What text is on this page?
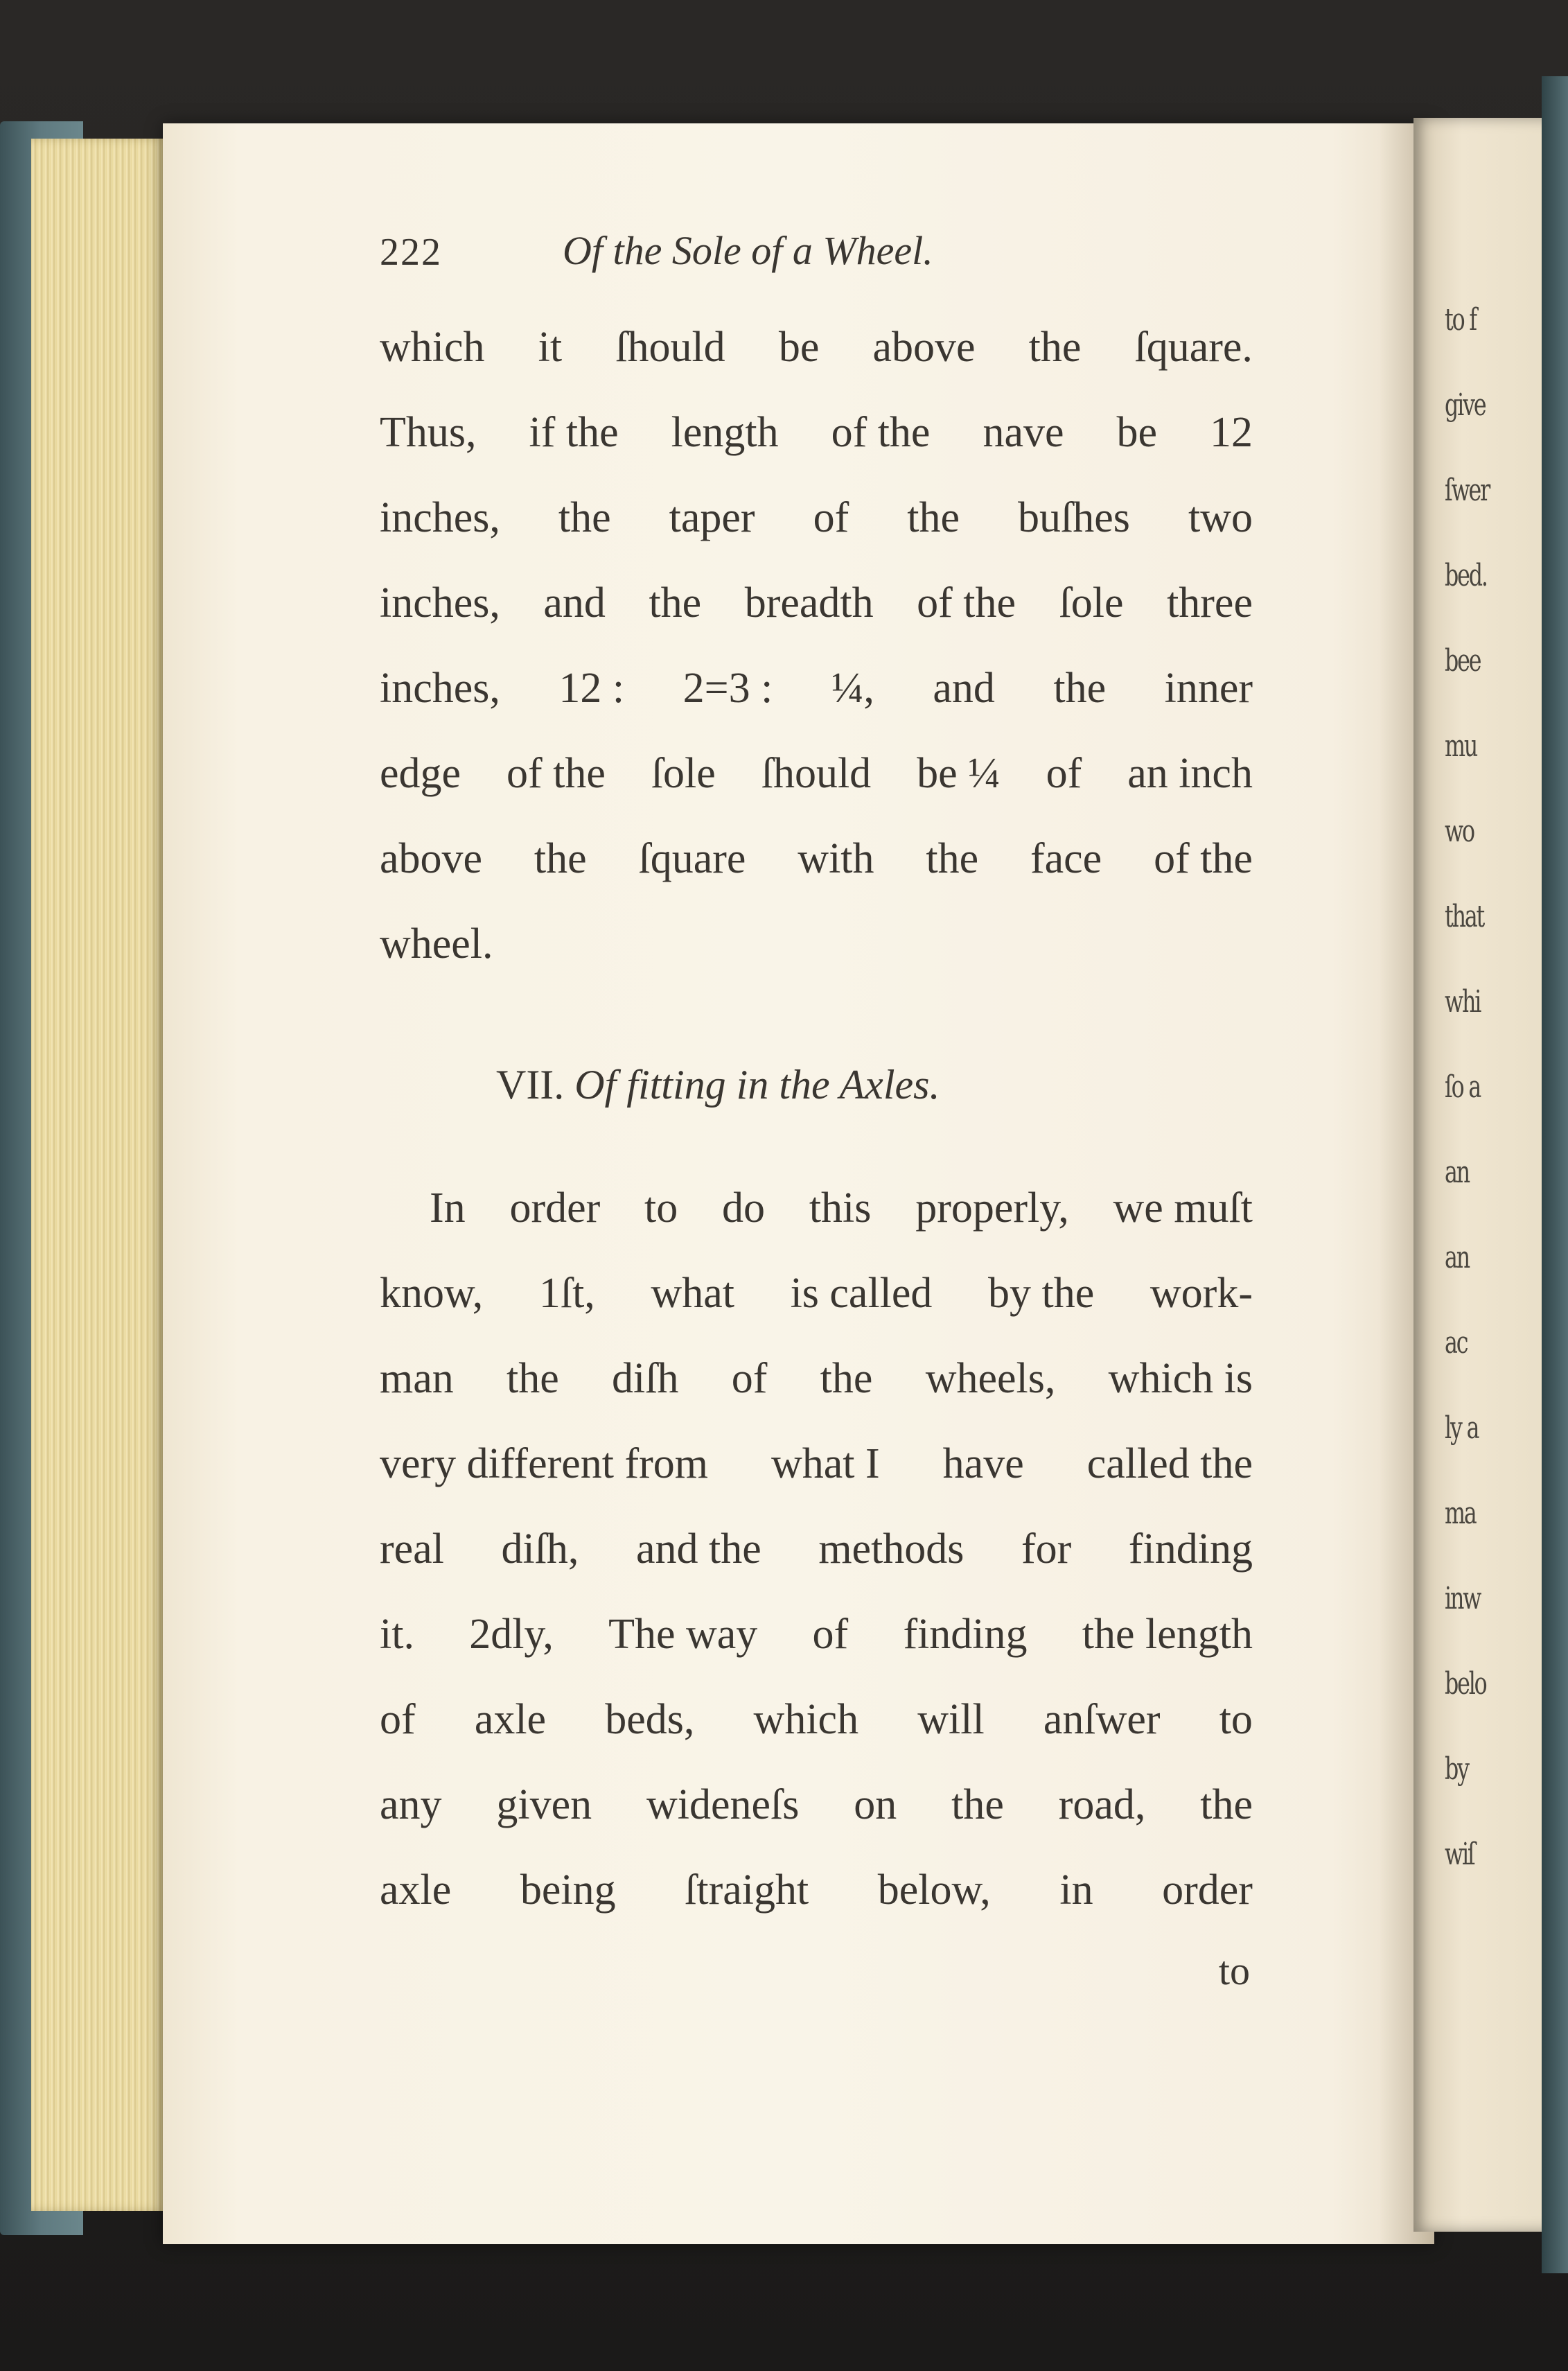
to f
give
ſwer
bed.
bee
mu
wo
that
whi
ſo a
an
an
ac
ly a
ma
inw
belo
by
wiſ
222	Of the Sole of a Wheel.
which it ſhould be above the ſquare.
Thus, if the length of the nave be 12
inches, the taper of the buſhes two
inches, and the breadth of the ſole three
inches, 12 : 2=3 : ¼, and the inner
edge of the ſole ſhould be ¼ of an inch
above the ſquare with the face of the
wheel.
VII. Of fitting in the Axles.
In order to do this properly, we muſt
know, 1ſt, what is called by the work-
man the diſh of the wheels, which is
very different from what I have called the
real diſh, and the methods for finding
it. 2dly, The way of finding the length
of axle beds, which will anſwer to
any given wideneſs on the road, the
axle being ſtraight below, in order
to
